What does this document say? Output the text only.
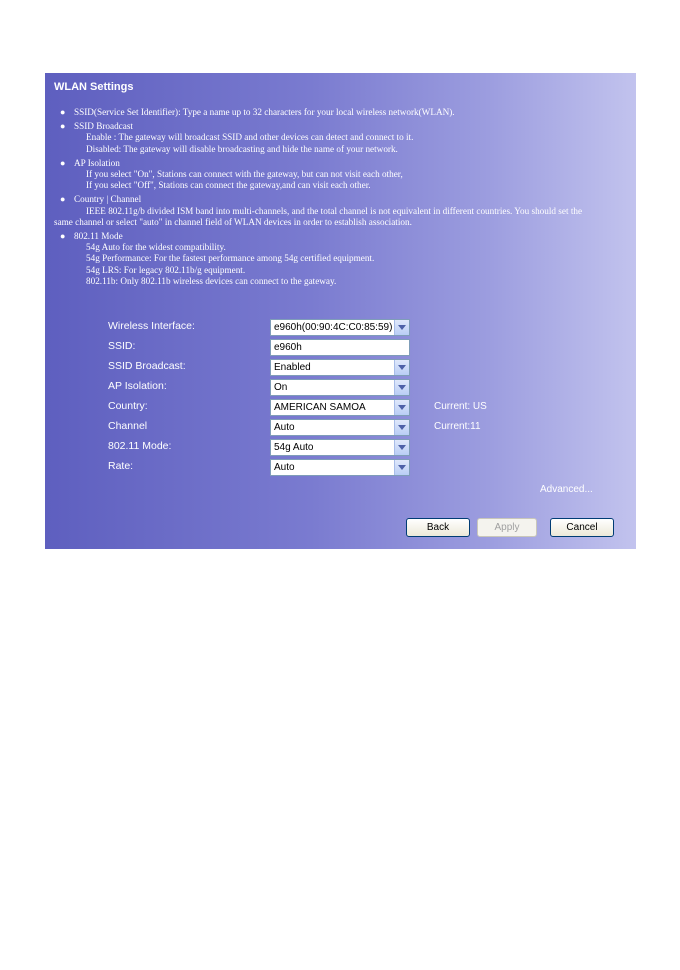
WLAN Settings
● SSID(Service Set Identifier): Type a name up to 32 characters for your local wireless network(WLAN).
● SSID Broadcast
Enable : The gateway will broadcast SSID and other devices can detect and connect to it.
Disabled: The gateway will disable broadcasting and hide the name of your network.
● AP Isolation
If you select "On", Stations can connect with the gateway, but can not visit each other,
If you select "Off", Stations can connect the gateway,and can visit each other.
● Country | Channel
IEEE 802.11g/b divided ISM band into multi-channels, and the total channel is not equivalent in different countries. You should set the
same channel or select "auto" in channel field of WLAN devices in order to establish association.
● 802.11 Mode
54g Auto for the widest compatibility.
54g Performance: For the fastest performance among 54g certified equipment.
54g LRS: For legacy 802.11b/g equipment.
802.11b: Only 802.11b wireless devices can connect to the gateway.
Wireless Interface:	e960h(00:90:4C:C0:85:59)
SSID:	e960h
SSID Broadcast:	Enabled
AP Isolation:	On
Country:	AMERICAN SAMOA	Current: US
Channel	Auto	Current:11
802.11 Mode:	54g Auto
Rate:	Auto
Advanced...
Back	Apply	Cancel
